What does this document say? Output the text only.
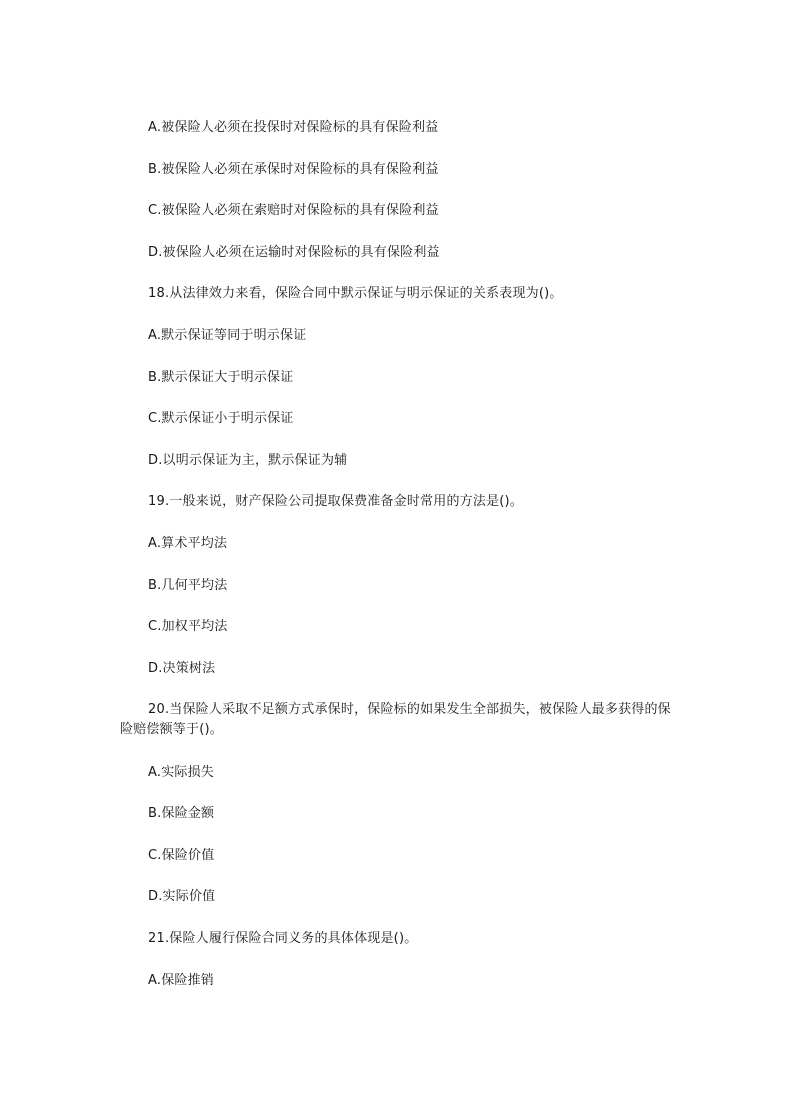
A.被保险人必须在投保时对保险标的具有保险利益
B.被保险人必须在承保时对保险标的具有保险利益
C.被保险人必须在索赔时对保险标的具有保险利益
D.被保险人必须在运输时对保险标的具有保险利益
18.从法律效力来看，保险合同中默示保证与明示保证的关系表现为()。
A.默示保证等同于明示保证
B.默示保证大于明示保证
C.默示保证小于明示保证
D.以明示保证为主，默示保证为辅
19.一般来说，财产保险公司提取保费准备金时常用的方法是()。
A.算术平均法
B.几何平均法
C.加权平均法
D.决策树法
20.当保险人采取不足额方式承保时，保险标的如果发生全部损失，被保险人最多获得的保险赔偿额等于()。
A.实际损失
B.保险金额
C.保险价值
D.实际价值
21.保险人履行保险合同义务的具体体现是()。
A.保险推销
